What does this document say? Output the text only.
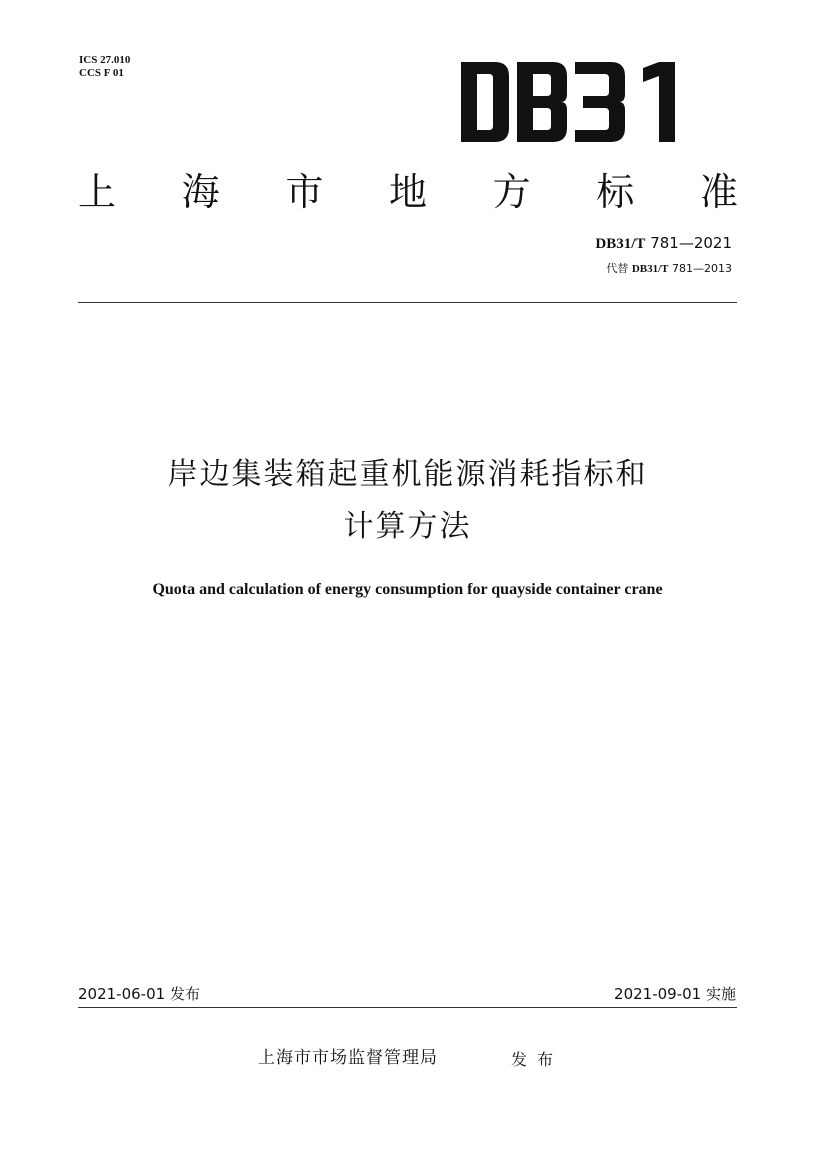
ICS 27.010
CCS F 01
上 海 市 地 方 标 准
DB31/T 781—2021
代替 DB31/T 781—2013
岸边集装箱起重机能源消耗指标和
计算方法
Quota and calculation of energy consumption for quayside container crane
2021-06-01 发布	2021-09-01 实施
上海市市场监督管理局	发布
